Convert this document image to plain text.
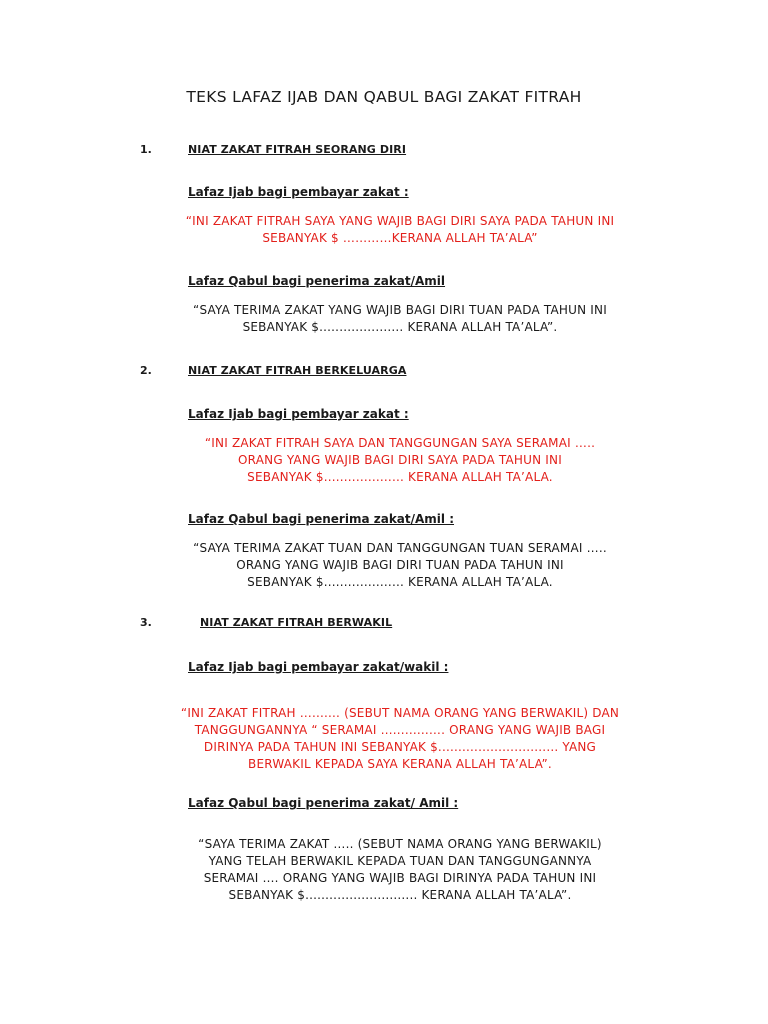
TEKS LAFAZ IJAB DAN QABUL BAGI ZAKAT FITRAH
1.	NIAT ZAKAT FITRAH SEORANG DIRI
Lafaz Ijab bagi pembayar zakat :
“INI ZAKAT FITRAH SAYA YANG WAJIB BAGI DIRI SAYA PADA TAHUN INI
SEBANYAK $ …………KERANA ALLAH TA’ALA”
Lafaz Qabul bagi penerima zakat/Amil
“SAYA TERIMA ZAKAT YANG WAJIB BAGI DIRI TUAN PADA TAHUN INI
SEBANYAK $..................... KERANA ALLAH TA’ALA”.
2.	NIAT ZAKAT FITRAH BERKELUARGA
Lafaz Ijab bagi pembayar zakat :
“INI ZAKAT FITRAH SAYA DAN TANGGUNGAN SAYA SERAMAI …..
ORANG YANG WAJIB BAGI DIRI SAYA PADA TAHUN INI
SEBANYAK $.................... KERANA ALLAH TA’ALA.
Lafaz Qabul bagi penerima zakat/Amil :
“SAYA TERIMA ZAKAT TUAN DAN TANGGUNGAN TUAN SERAMAI …..
ORANG YANG WAJIB BAGI DIRI TUAN PADA TAHUN INI
SEBANYAK $.................... KERANA ALLAH TA’ALA.
3.	NIAT ZAKAT FITRAH BERWAKIL
Lafaz Ijab bagi pembayar zakat/wakil :
“INI ZAKAT FITRAH …....... (SEBUT NAMA ORANG YANG BERWAKIL) DAN
TANGGUNGANNYA “ SERAMAI ….........…. ORANG YANG WAJIB BAGI
DIRINYA PADA TAHUN INI SEBANYAK $.............................. YANG
BERWAKIL KEPADA SAYA KERANA ALLAH TA’ALA”.
Lafaz Qabul bagi penerima zakat/ Amil :
“SAYA TERIMA ZAKAT ….. (SEBUT NAMA ORANG YANG BERWAKIL)
YANG TELAH BERWAKIL KEPADA TUAN DAN TANGGUNGANNYA
SERAMAI …. ORANG YANG WAJIB BAGI DIRINYA PADA TAHUN INI
SEBANYAK $............................ KERANA ALLAH TA’ALA”.
